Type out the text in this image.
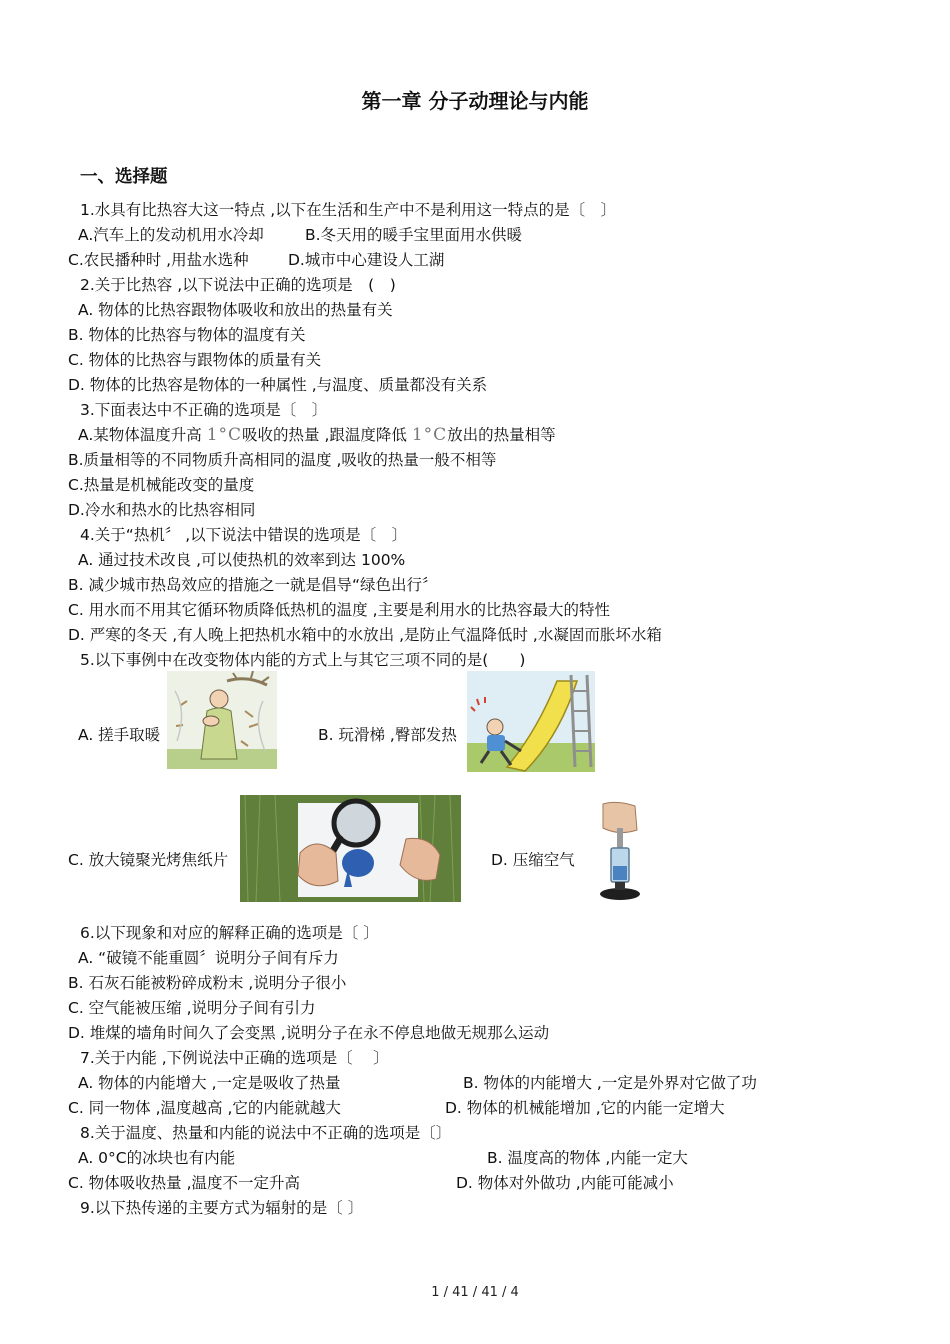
第一章 分子动理论与内能
一、选择题
1.水具有比热容大这一特点 ,以下在生活和生产中不是利用这一特点的是〔　〕
A.汽车上的发动机用水冷却	B.冬天用的暖手宝里面用水供暖
C.农民播种时 ,用盐水选种	D.城市中心建设人工湖
2.关于比热容 ,以下说法中正确的选项是　(　)
A. 物体的比热容跟物体吸收和放出的热量有关
B. 物体的比热容与物体的温度有关
C. 物体的比热容与跟物体的质量有关
D. 物体的比热容是物体的一种属性 ,与温度、质量都没有关系
3.下面表达中不正确的选项是〔　〕
A.某物体温度升高 1°C吸收的热量 ,跟温度降低 1°C放出的热量相等
B.质量相等的不同物质升高相同的温度 ,吸收的热量一般不相等
C.热量是机械能改变的量度
D.冷水和热水的比热容相同
4.关于“热机〞 ,以下说法中错误的选项是〔　〕
A. 通过技术改良 ,可以使热机的效率到达 100%
B. 减少城市热岛效应的措施之一就是倡导“绿色出行〞
C. 用水而不用其它循环物质降低热机的温度 ,主要是利用水的比热容最大的特性
D. 严寒的冬天 ,有人晚上把热机水箱中的水放出 ,是防止气温降低时 ,水凝固而胀坏水箱
5.以下事例中在改变物体内能的方式上与其它三项不同的是(　　)
A. 搓手取暖	B. 玩滑梯 ,臀部发热
C. 放大镜聚光烤焦纸片	D. 压缩空气
6.以下现象和对应的解释正确的选项是〔 〕
A. “破镜不能重圆〞说明分子间有斥力
B. 石灰石能被粉碎成粉末 ,说明分子很小
C. 空气能被压缩 ,说明分子间有引力
D. 堆煤的墙角时间久了会变黑 ,说明分子在永不停息地做无规那么运动
7.关于内能 ,下例说法中正确的选项是〔　 〕
A. 物体的内能增大 ,一定是吸收了热量	B. 物体的内能增大 ,一定是外界对它做了功
C. 同一物体 ,温度越高 ,它的内能就越大	D. 物体的机械能增加 ,它的内能一定增大
8.关于温度、热量和内能的说法中不正确的选项是〔〕
A. 0°C的冰块也有内能	B. 温度高的物体 ,内能一定大
C. 物体吸收热量 ,温度不一定升高	D. 物体对外做功 ,内能可能减小
9.以下热传递的主要方式为辐射的是〔 〕
1 / 41 / 41 / 4
